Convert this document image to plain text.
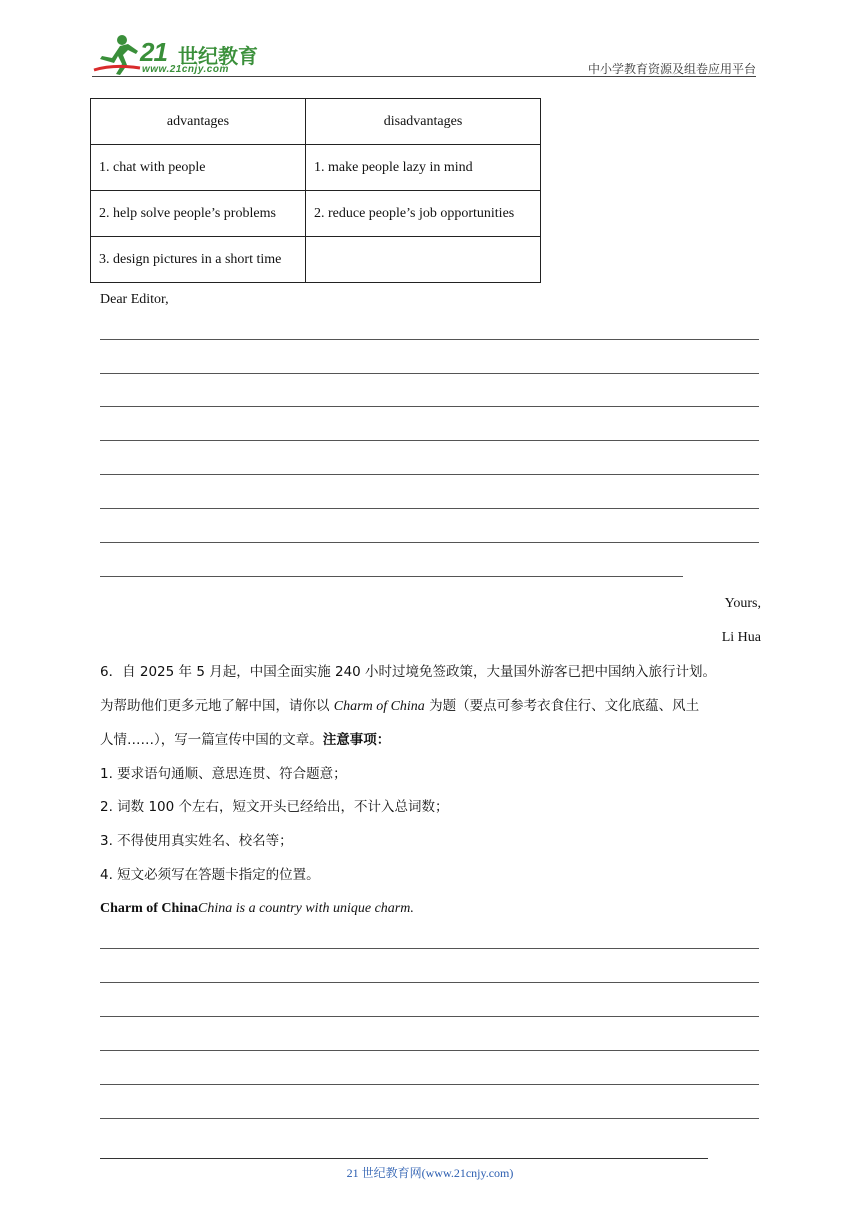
21 世纪教育
www.21cnjy.com	中小学教育资源及组卷应用平台
advantages	disadvantages
1. chat with people	1. make people lazy in mind
2. help solve people’s problems	2. reduce people’s job opportunities
3. design pictures in a short time	
Dear Editor,
Yours,
Li Hua
6．自 2025 年 5 月起，中国全面实施 240 小时过境免签政策，大量国外游客已把中国纳入旅行计划。
为帮助他们更多元地了解中国，请你以 Charm of China 为题（要点可参考衣食住行、文化底蕴、风土
人情……），写一篇宣传中国的文章。注意事项：
1. 要求语句通顺、意思连贯、符合题意；
2. 词数 100 个左右，短文开头已经给出，不计入总词数；
3. 不得使用真实姓名、校名等；
4. 短文必须写在答题卡指定的位置。
Charm of ChinaChina is a country with unique charm.
21 世纪教育网(www.21cnjy.com)
